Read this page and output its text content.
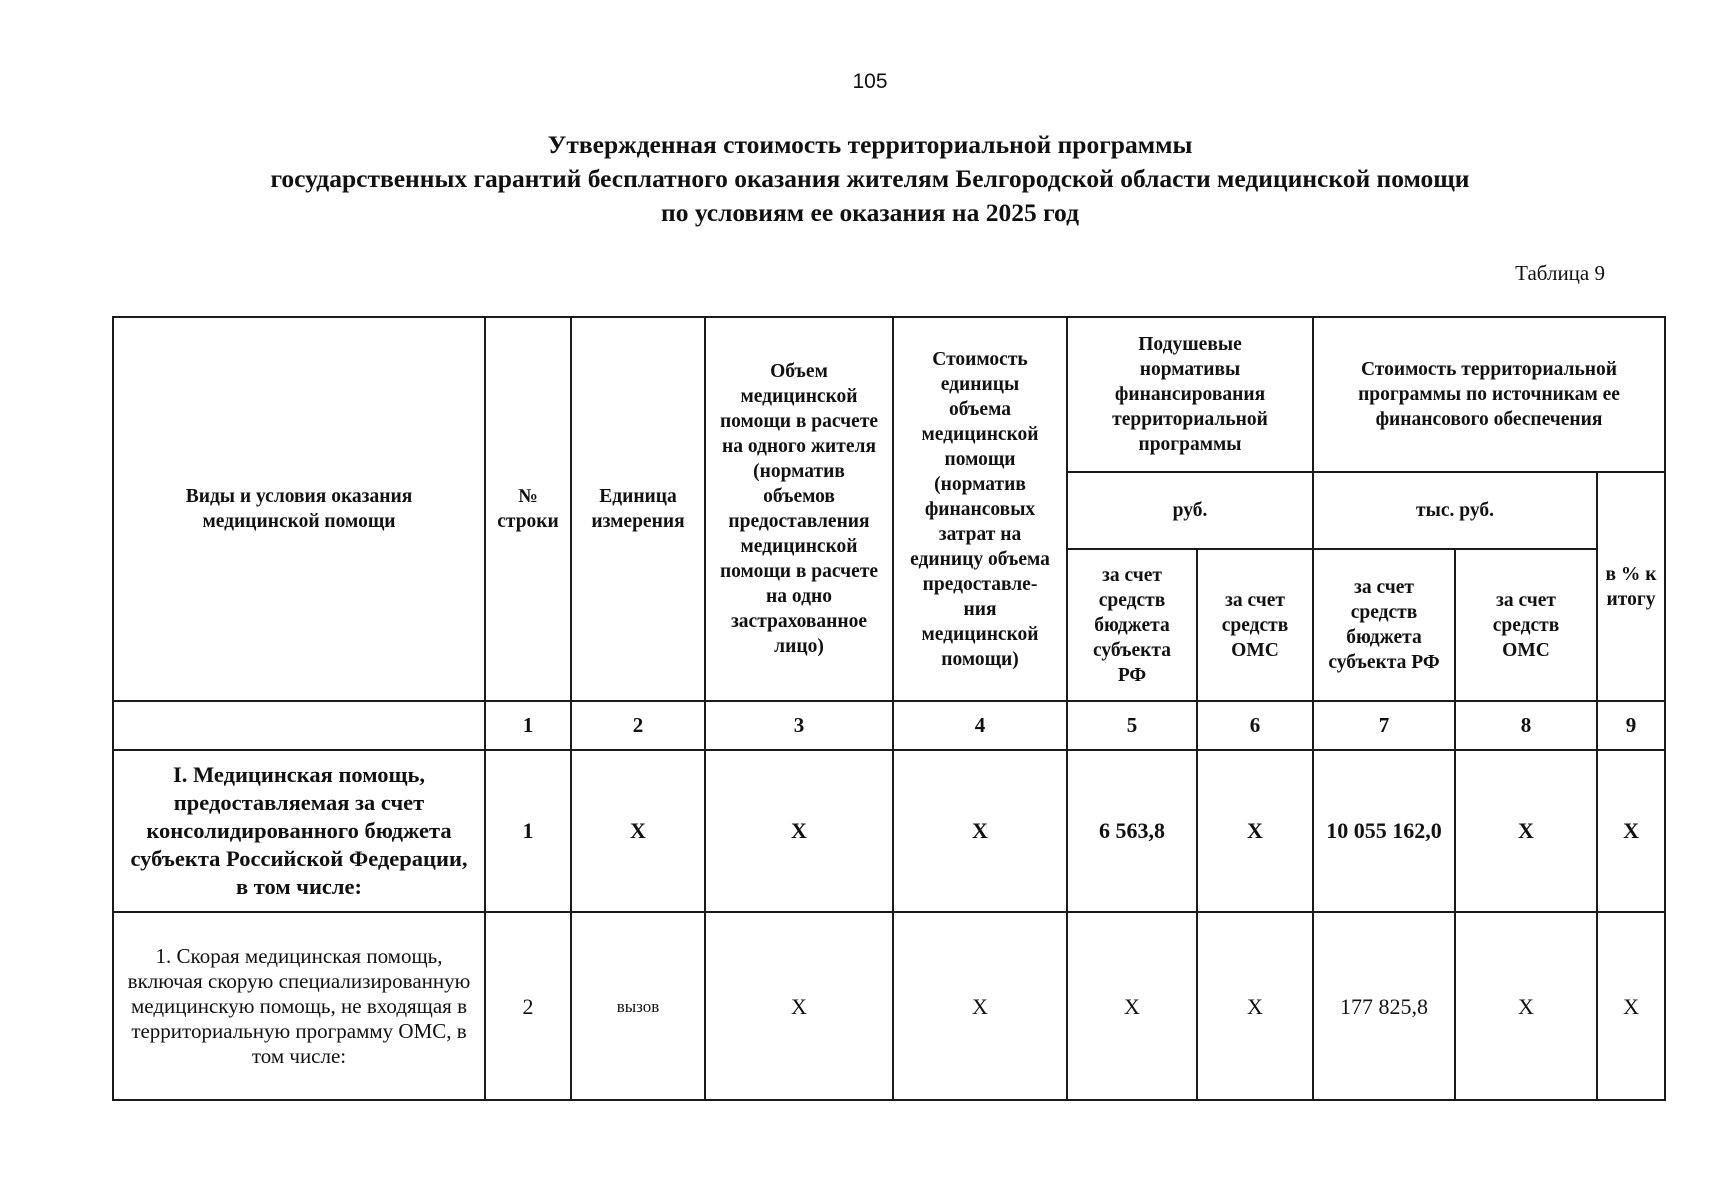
105
Утвержденная стоимость территориальной программы
государственных гарантий бесплатного оказания жителям Белгородской области медицинской помощи
по условиям ее оказания на 2025 год
Таблица 9
Виды и условия оказания медицинской помощи	№ строки	Единица измерения	Объем медицинской помощи в расчете на одного жителя (норматив объемов предоставления медицинской помощи в расчете на одно застрахованное лицо)	Стоимость единицы объема медицинской помощи (норматив финансовых затрат на единицу объема предоставле-ния медицинской помощи)	Подушевые нормативы финансирования территориальной программы		Стоимость территориальной программы по источникам ее финансового обеспечения		
					руб.		тыс. руб.		в % к итогу
					за счет средств бюджета субъекта РФ	за счет средств ОМС	за счет средств бюджета субъекта РФ	за счет средств ОМС	
	1	2	3	4	5	6	7	8	9
I. Медицинская помощь, предоставляемая за счет консолидированного бюджета субъекта Российской Федерации, в том числе:	1	X	X	X	6 563,8	X	10 055 162,0	X	X
1. Скорая медицинская помощь, включая скорую специализированную медицинскую помощь, не входящая в территориальную программу ОМС, в том числе:	2	вызов	X	X	X	X	177 825,8	X	X
